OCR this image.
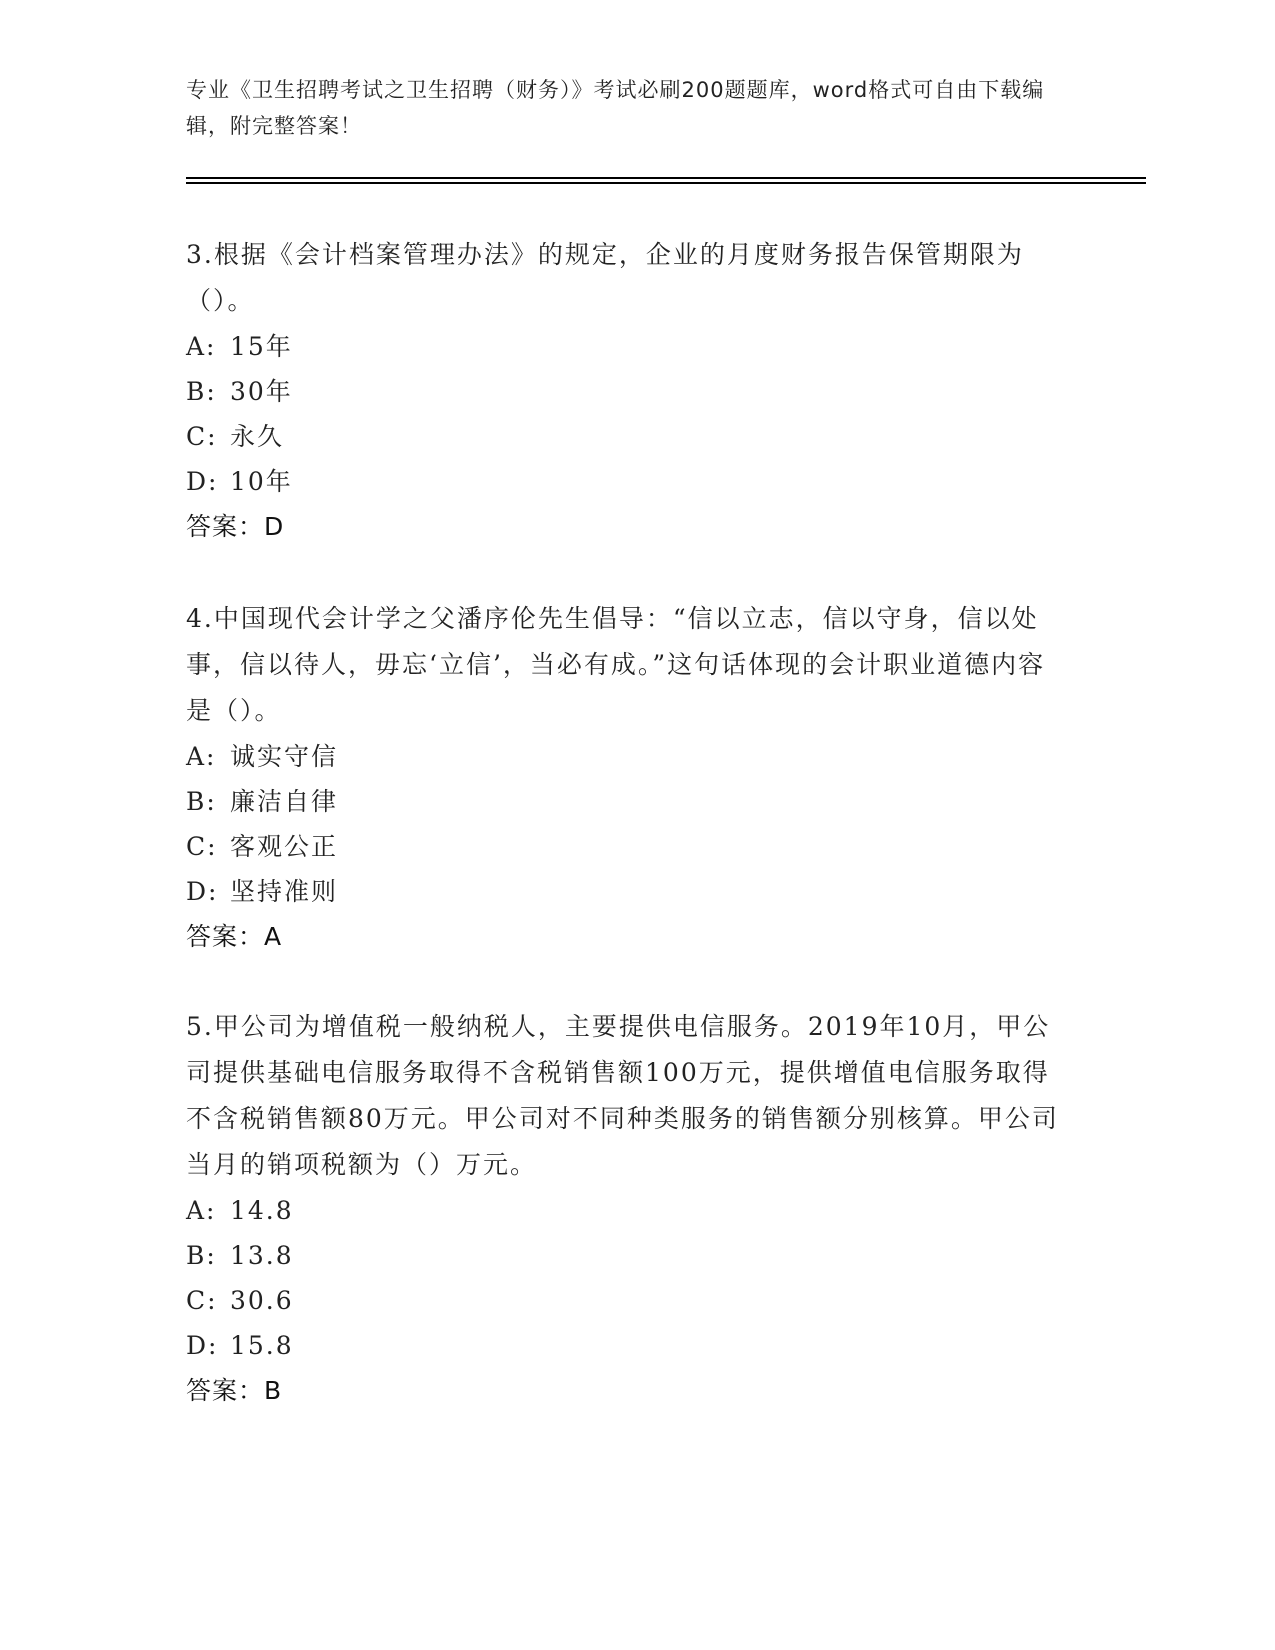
专业《卫生招聘考试之卫生招聘（财务）》考试必刷200题题库，word格式可自由下载编辑，附完整答案！
3.根据《会计档案管理办法》的规定，企业的月度财务报告保管期限为（）。
A: 15年
B: 30年
C: 永久
D: 10年
答案：D
4.中国现代会计学之父潘序伦先生倡导：“信以立志，信以守身，信以处事，信以待人，毋忘‘立信’，当必有成。”这句话体现的会计职业道德内容是（）。
A: 诚实守信
B: 廉洁自律
C: 客观公正
D: 坚持准则
答案：A
5.甲公司为增值税一般纳税人，主要提供电信服务。2019年10月，甲公司提供基础电信服务取得不含税销售额100万元，提供增值电信服务取得不含税销售额80万元。甲公司对不同种类服务的销售额分别核算。甲公司当月的销项税额为（）万元。
A: 14.8
B: 13.8
C: 30.6
D: 15.8
答案：B
